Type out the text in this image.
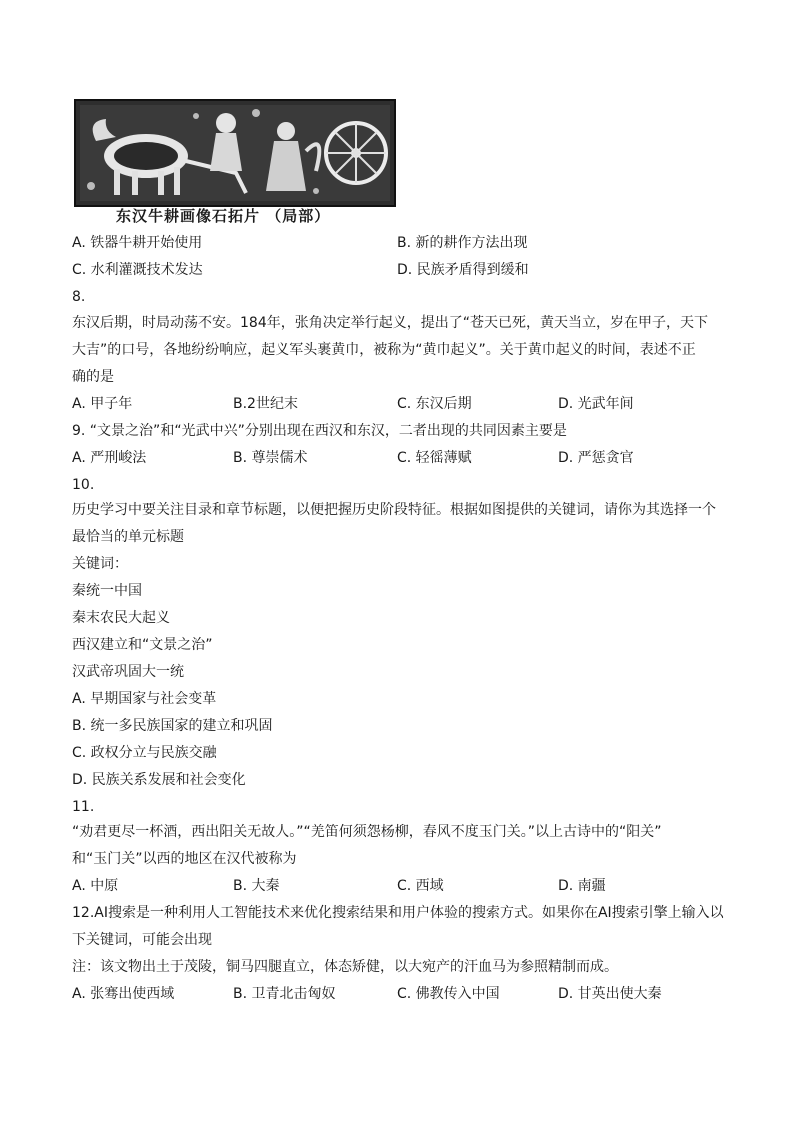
东汉牛耕画像石拓片 （局部）
A. 铁器牛耕开始使用	B. 新的耕作方法出现
C. 水利灌溉技术发达	D. 民族矛盾得到缓和
8.
东汉后期，时局动荡不安。184年，张角决定举行起义，提出了“苍天已死，黄天当立，岁在甲子，天下
大吉”的口号，各地纷纷响应，起义军头裹黄巾，被称为“黄巾起义”。关于黄巾起义的时间，表述不正
确的是
A. 甲子年	B.2世纪末	C. 东汉后期	D. 光武年间
9. “文景之治”和“光武中兴”分别出现在西汉和东汉，二者出现的共同因素主要是
A. 严刑峻法	B. 尊崇儒术	C. 轻徭薄赋	D. 严惩贪官
10.
历史学习中要关注目录和章节标题，以便把握历史阶段特征。根据如图提供的关键词，请你为其选择一个
最恰当的单元标题
关键词：
秦统一中国
秦末农民大起义
西汉建立和“文景之治”
汉武帝巩固大一统
A. 早期国家与社会变革
B. 统一多民族国家的建立和巩固
C. 政权分立与民族交融
D. 民族关系发展和社会变化
11.
“劝君更尽一杯酒，西出阳关无故人。”“羌笛何须怨杨柳，春风不度玉门关。”以上古诗中的“阳关”
和“玉门关”以西的地区在汉代被称为
A. 中原	B. 大秦	C. 西域	D. 南疆
12.AI搜索是一种利用人工智能技术来优化搜索结果和用户体验的搜索方式。如果你在AI搜索引擎上输入以
下关键词，可能会出现
注：该文物出土于茂陵，铜马四腿直立，体态矫健，以大宛产的汗血马为参照精制而成。
A. 张骞出使西域	B. 卫青北击匈奴	C. 佛教传入中国	D. 甘英出使大秦
